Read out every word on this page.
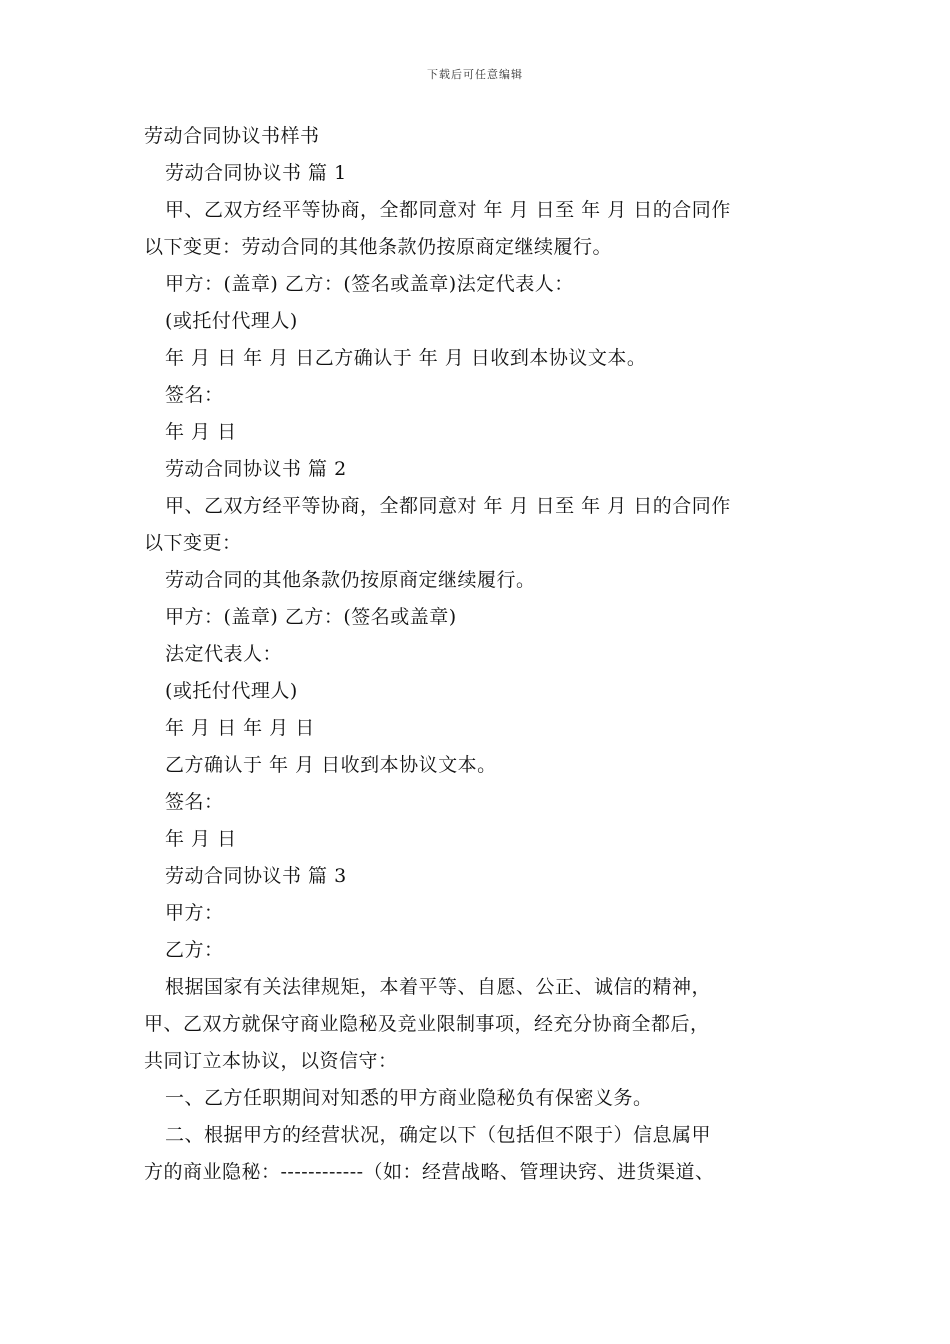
下载后可任意编辑
劳动合同协议书样书
劳动合同协议书 篇 1
甲、乙双方经平等协商，全都同意对 年 月 日至 年 月 日的合同作
以下变更：劳动合同的其他条款仍按原商定继续履行。
甲方：(盖章) 乙方：(签名或盖章)法定代表人：
(或托付代理人)
年 月 日 年 月 日乙方确认于 年 月 日收到本协议文本。
签名：
年 月 日
劳动合同协议书 篇 2
甲、乙双方经平等协商，全都同意对 年 月 日至 年 月 日的合同作
以下变更：
劳动合同的其他条款仍按原商定继续履行。
甲方：(盖章) 乙方：(签名或盖章)
法定代表人：
(或托付代理人)
年 月 日 年 月 日
乙方确认于 年 月 日收到本协议文本。
签名：
年 月 日
劳动合同协议书 篇 3
甲方：
乙方：
根据国家有关法律规矩，本着平等、自愿、公正、诚信的精神，
甲、乙双方就保守商业隐秘及竞业限制事项，经充分协商全都后，
共同订立本协议，以资信守：
一、乙方任职期间对知悉的甲方商业隐秘负有保密义务。
二、根据甲方的经营状况，确定以下（包括但不限于）信息属甲
方的商业隐秘：------------（如：经营战略、管理诀窍、进货渠道、
